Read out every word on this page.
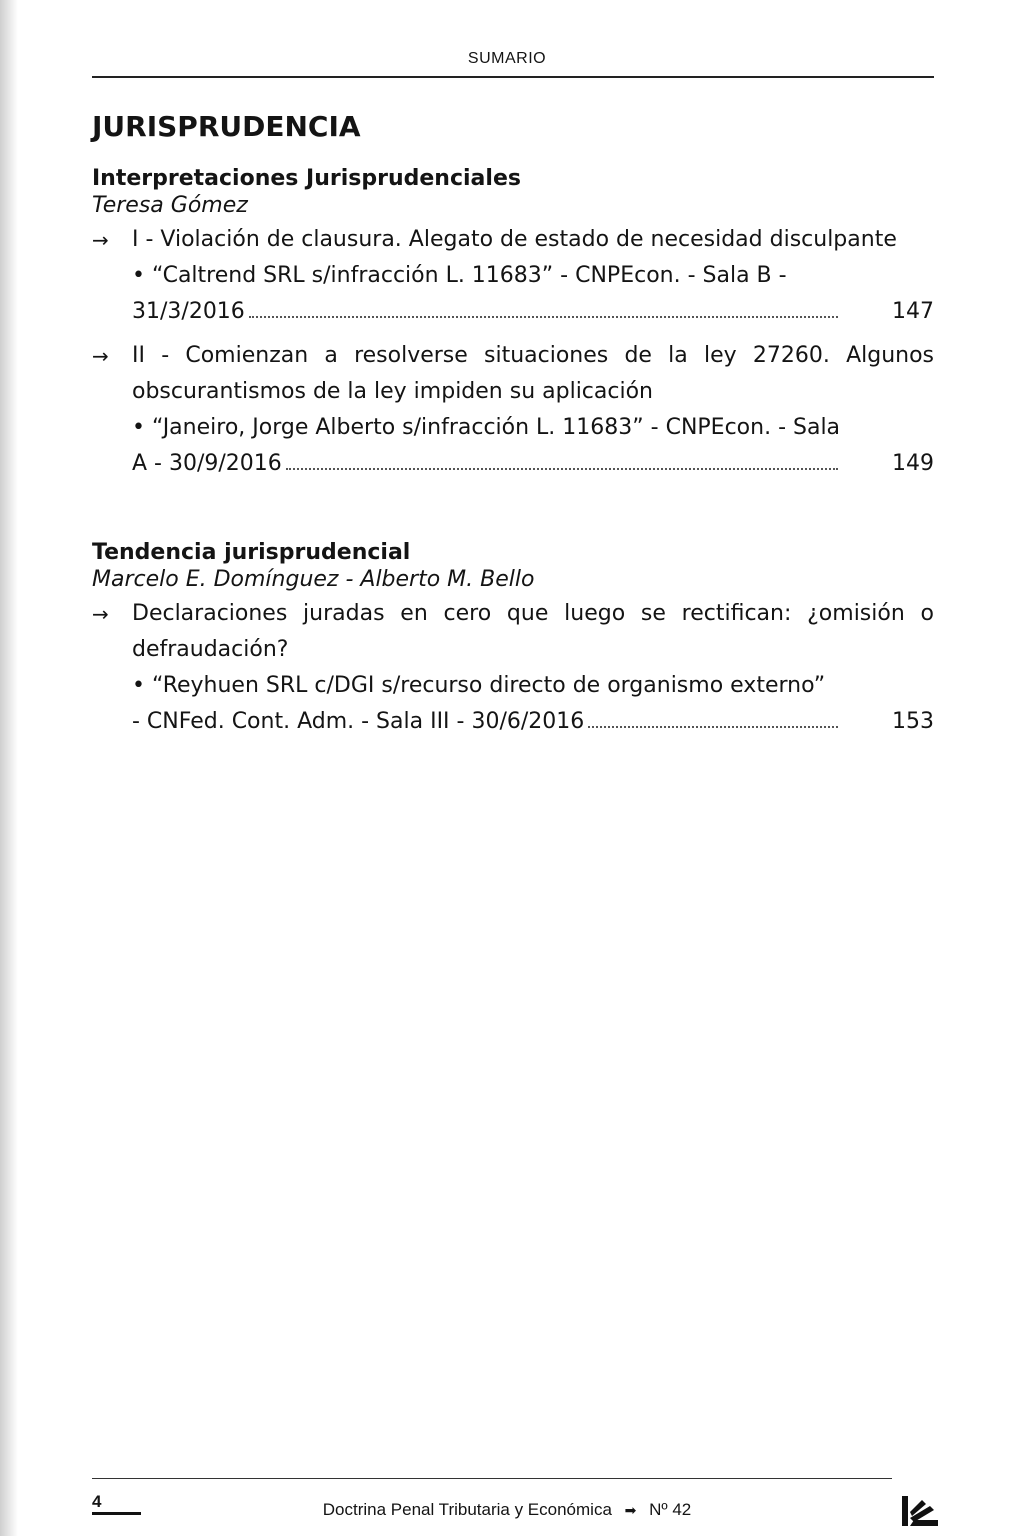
SUMARIO
JURISPRUDENCIA
Interpretaciones Jurisprudenciales
Teresa Gómez
→ I - Violación de clausura. Alegato de estado de necesidad disculpante
• “Caltrend SRL s/infracción L. 11683” - CNPEcon. - Sala B -
31/3/2016	147
→ II - Comienzan a resolverse situaciones de la ley 27260. Algunos obscurantismos de la ley impiden su aplicación
• “Janeiro, Jorge Alberto s/infracción L. 11683” - CNPEcon. - Sala
A - 30/9/2016	149
Tendencia jurisprudencial
Marcelo E. Domínguez - Alberto M. Bello
→ Declaraciones juradas en cero que luego se rectifican: ¿omisión o defraudación?
• “Reyhuen SRL c/DGI s/recurso directo de organismo externo”
- CNFed. Cont. Adm. - Sala III - 30/6/2016	153
4	Doctrina Penal Tributaria y Económica ➡ Nº 42
